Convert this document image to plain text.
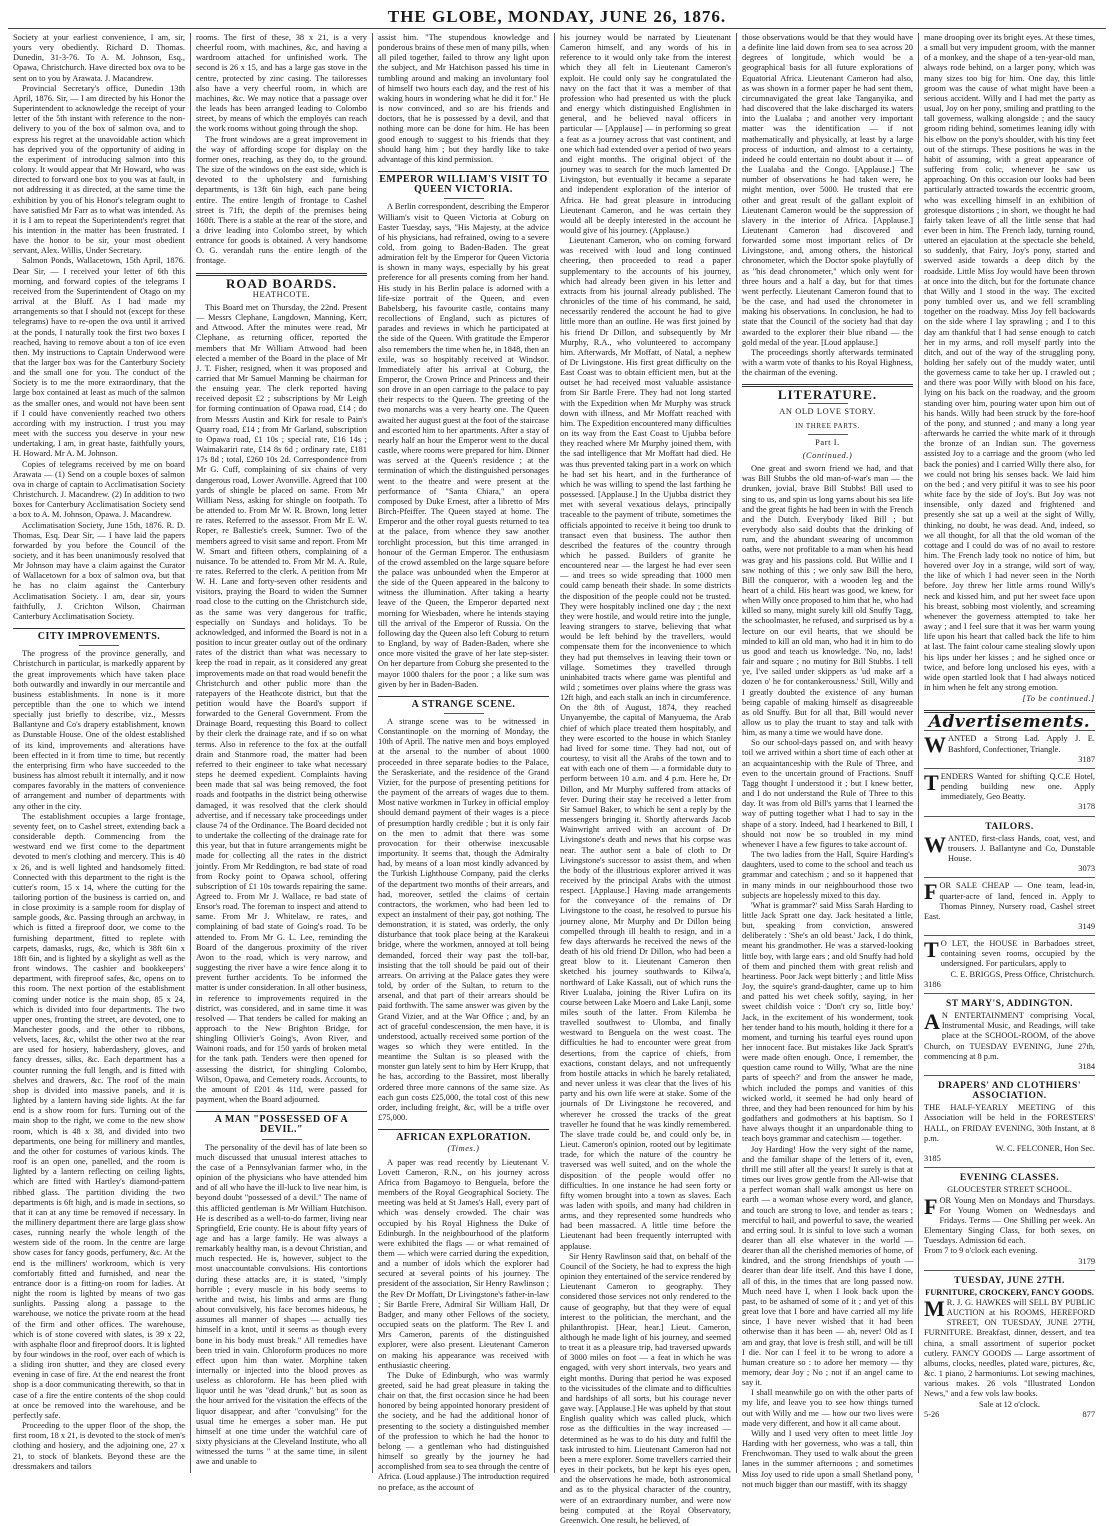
THE GLOBE, MONDAY, JUNE 26, 1876.

Society at your earliest convenience, I am, sir, yours very obediently. Richard D. Thomas. Dunedin, 31-3-76. To A. M. Johnson, Esq., Opawa, Christchurch. Have directed box ova to be sent on to you by Arawata. J. Macandrew.

Provincial Secretary's office, Dunedin 13th April, 1876. Sir, — I am directed by his Honor the Superintendent to acknowledge the receipt of your letter of the 5th instant with reference to the non-delivery to you of the box of salmon ova, and to express his regret at the unavoidable action which has deprived you of the opportunity of aiding in the experiment of introducing salmon into this colony. It would appear that Mr Howard, who was directed to forward one box to you was at fault, in not addressing it as directed, at the same time the exhibition by you of his Honor's telegram ought to have satisfied Mr Farr as to what was intended. As it is I am to repeat the Superintendent's regret that his intention in the matter has been frustrated. I have the honor to be sir, your most obedient servant, Alex. Willis, Under Secretary.

Salmon Ponds, Wallacetown, 15th April, 1876. Dear Sir, — I received your letter of 6th this morning, and forward copies of the telegrams I received from the Superintendent of Otago on my arrival at the Bluff. As I had made my arrangements so that I should not (except for these telegrams) have to re-open the ova until it arrived at the ponds, I naturally took the first two boxes I reached, having to remove about a ton of ice even then. My instructions to Captain Underwood were that the larger box was for the Canterbury Society and the small one for you. The conduct of the Society is to me the more extraordinary, that the large box contained at least as much of the salmon as the smaller ones, and would not have been sent if I could have conveniently reached two others according with my instruction. I trust you may meet with the success you deserve in your new undertaking, I am, in great haste, faithfully yours, H. Howard. Mr A. M. Johnson.

Copies of telegrams received by me on board Arawata — (1) Send on a couple boxes of salmon ova in charge of captain to Acclimatisation Society Christchurch. J. Macandrew. (2) In addition to two boxes for Canterbury Acclimatisation Society send a box to A. M. Johnson, Opawa. J. Macandrew.

Acclimatisation Society, June 15th, 1876. R. D. Thomas, Esq. Dear Sir, — I have laid the papers forwarded by you before the Council of the society, and it has been unanimously resolved that Mr Johnson may have a claim against the Curator of Wallacetown for a box of salmon ova, but that he has no claim against the Canterbury Acclimatisation Society. I am, dear sir, yours faithfully, J. Crichton Wilson, Chairman Canterbury Acclimatisation Society.

CITY IMPROVEMENTS.

The progress of the province generally, and Christchurch in particular, is markedly apparent by the great improvements which have taken place both outwardly and inwardly in our mercantile and business establishments. In none is it more perceptible than the one to which we intend specially just briefly to describe, viz., Messrs Ballantyne and Co's drapery establishment, known as Dunstable House. One of the oldest established of its kind, improvements and alterations have been effected in it from time to time, but recently the enterprising firm who have succeeded to the business has almost rebuilt it internally, and it now compares favorably in the matters of convenience of arrangement and number of departments with any other in the city.

The establishment occupies a large frontage, seventy feet, on to Cashel street, extending back a considerable depth. Commencing from the westward end we first come to the department devoted to men's clothing and mercery. This is 40 x 26, and is well lighted and handsomely fitted. Connected with this department to the right is the cutter's room, 15 x 14, where the cutting for the tailoring portion of the business is carried on, and in close proximity is a sample room for display of sample goods, &c. Passing through an archway, in which is fitted a fireproof door, we come to the furnishing department, fitted to replete with carpets, damasks, rugs, &c, which is 38ft 6in x 18ft 6in, and is lighted by a skylight as well as the front windows. The cashier and bookkeepers' department, with fireproof safes, &c, opens on to this room. The next portion of the establishment coming under notice is the main shop, 85 x 24, which is divided into four departments. The two upper ones, fronting the street, are devoted, one to Manchester goods, and the other to ribbons, velvets, laces, &c, whilst the other two at the rear are used for hosiery, haberdashery, gloves, and fancy dresses, silks, &c. Each department has a counter running the full length, and is fitted with shelves and drawers, &c. The roof of the main shop is divided into massive panels, and it is lighted by a lantern having side lights. At the far end is a show room for furs. Turning out of the main shop to the right, we come to the new show room, which is 48 x 38, and divided into two departments, one being for millinery and mantles, and the other for costumes of various kinds. The roof is an open one, panelled, and the room is lighted by a lantern reflecting on ceiling lights, which are fitted with Hartley's diamond-pattern ribbed glass. The partition dividing the two departments is 6ft high, and is made in sections, so that it can at any time be removed if necessary. In the millinery department there are large glass show cases, running nearly the whole length of the western side of the room. In the centre are large show cases for fancy goods, perfumery, &c. At the end is the milliners' workroom, which is very comfortably fitted and furnished, and near the entrance door is a fitting-on room for ladies. At night the room is lighted by means of two gas sunlights. Passing along a passage to the warehouse, we notice the private room at the head of the firm and other offices. The warehouse, which is of stone covered with slates, is 39 x 22, with asphalte floor and fireproof doors. It is lighted by four windows in the roof, over each of which is a sliding iron shutter, and they are closed every evening in case of fire. At the end nearest the front shop is a door communicating therewith, so that in case of a fire the entire contents of the shop could at once be removed into the warehouse, and be perfectly safe.

Proceeding to the upper floor of the shop, the first room, 18 x 21, is devoted to the stock of men's clothing and hosiery, and the adjoining one, 27 x 21, to stock of blankets. Beyond these are the dressmakers and tailors

rooms. The first of these, 38 x 21, is a very cheerful room, with machines, &c, and having a wardroom attached for unfinished work. The second is 26 x 15, and has a large gas stove in the centre, protected by zinc casing. The tailoresses also have a very cheerful room, in which are machines, &c. We may notice that a passage over the leads has been arranged leading to Colombo street, by means of which the employés can reach the work rooms without going through the shop.

The front windows are a great improvement in the way of affording scope for display on the former ones, reaching, as they do, to the ground. The size of the windows on the east side, which is devoted to the upholstery and furnishing departments, is 13ft 6in high, each pane being entire. The entire length of frontage to Cashel street is 71ft, the depth of the premises being 160ft. There is a stable at the rear of the store, and a drive leading into Colombo street, by which entrance for goods is obtained. A very handsome O. G. verandah runs the entire length of the frontage.

ROAD BOARDS.
HEATHCOTE.

This Board met on Thursday, the 22nd. Present — Messrs Clephane, Langdown, Manning, Kerr, and Attwood. After the minutes were read, Mr Clephane, as returning officer, reported the members that Mr William Attwood had been elected a member of the Board in the place of Mr J. T. Fisher, resigned, when it was proposed and carried that Mr Samuel Manning be chairman for the ensuing year. The clerk reported having received deposit £2 ; subscriptions by Mr Leigh for forming continuation of Opawa road, £14 ; do from Messrs Austin and Kirk for resale to Pain's Quarry road, £14 ; from Mr Garland, subscription to Opawa road, £1 10s ; special rate, £16 14s ; Waimakariri rate, £14 8s 6d ; ordinary rate, £181 17s 8d ; total, £260 10s 2d. Correspondence from Mr G. Cuff, complaining of six chains of very dangerous road, Lower Avonville. Agreed that 100 yards of shingle be placed on same. From Mr William Ness, asking for shingle on footpath. To be attended to. From Mr W. R. Brown, long letter re rates. Referred to the assessor. From Mr E. W. Roper, re Ballestie's creek, Sumner. Two of the members agreed to visit same and report. From Mr W. Smart and fifteen others, complaining of a nuisance. To be attended to. From Mr M. A. Rule, re rates. Referred to the clerk. A petition from Mr W. H. Lane and forty-seven other residents and visitors, praying the Board to widen the Sumner road close to the cutting on the Christchurch side, as the same was very dangerous for traffic, especially on Sundays and holidays. To be acknowledged, and informed the Board is not in a position to incur greater outlay out of the ordinary rates of the district than what was necessary to keep the road in repair, as it considered any great improvements made on that road would benefit the Christchurch and other public more than the ratepayers of the Heathcote district, but that the petition would have the Board's support if forwarded to the General Government. From the Drainage Board, requesting this Board to collect by their clerk the drainage rate, and if so on what terms. Also in reference to the fox at the outfall drain and Stanmore road, the matter had been referred to their engineer to take what necessary steps he deemed expedient. Complaints having been made that sal was being removed, the foot roads and footpaths in the district being otherwise damaged, it was resolved that the clerk should advertise, and if necessary take proceedings under clause 74 of the Ordinance. The Board decided not to undertake the collecting of the drainage rate for this year, but that in future arrangements might be made for collecting all the rates in the district jointly. From Mr Reddington, re bad state of road from Rocky point to Opawa school, offering subscription of £1 10s towards repairing the same. Agreed to. From Mr J. Wallace, re bad state of Ensor's road. The foreman to inspect and attend to same. From Mr J. Whitelaw, re rates, and complaining of bad state of Going's road. To be attended to. From Mr G. L. Lee, reminding the Board of the dangerous proximity of the river Avon to the road, which is very narrow, and suggesting the river have a wire fence along it to prevent further accidents. To be informed the matter is under consideration. In all other business, in reference to improvements required in the district, was considered, and in same time it was resolved — That tenders be called for making an approach to the New Brighton Bridge, for shingling Ollivier's Going's, Avon River, and Wainoni roads, and for 150 yards of broken metal for the tank path. Tenders were then opened for assessing the district, for shingling Colombo, Wilson, Opawa, and Cemetery roads. Accounts, to the amount of £201 4s 11d, were passed for payment, when the Board adjourned.

A MAN "POSSESSED OF A DEVIL."

The personality of the devil has of late been so much discussed that unusual interest attaches to the case of a Pennsylvanian farmer who, in the opinion of the physicians who have attended him and of all who have the ill-luck to live near him, is beyond doubt "possessed of a devil." The name of this afflicted gentleman is Mr William Hutchison. He is described as a well-to-do farmer, living near Springfield, Erie county. He is about fifty years of age and has a large family. He was always a remarkably healthy man, is a devout Christian, and much respected. He is, however, subject to the most unaccountable convulsions. His contortions during these attacks are, it is stated, "simply horrible ; every muscle in his body seems to writhe and twist, his limbs and arms are flung about convulsively, his face becomes hideous, he assumes all manner of shapes — actually ties himself in a knot, until it seems as though every bone in his body must break." All remedies have been tried in vain. Chloroform produces no more effect upon him than water. Morphine taken internally or injected into the blood proves as useless as chloroform. He has been plied with liquor until he was "dead drunk," but as soon as the hour arrived for the visitation the effects of the liquor disappear, and after "convulsing" for the usual time he emerges a sober man. He put himself at one time under the watchful care of sixty physicians at the Cleveland Institute, who all witnessed the turns " at the same time, in silent awe and unable to

assist him. "The stupendous knowledge and ponderous brains of these men of many pills, when all piled together, failed to throw any light upon the subject, and Mr Hatchison passed his time in tumbling around and making an involuntary fool of himself two hours each day, and the rest of his waking hours in wondering what he did it for." He is now convinced, and so are his friends and doctors, that he is possessed by a devil, and that nothing more can be done for him. He has been good enough to suggest to his friends that they should hang him ; but they hardly like to take advantage of this kind permission.

EMPEROR WILLIAM'S VISIT TO QUEEN VICTORIA.

A Berlin correspondent, describing the Emperor William's visit to Queen Victoria at Coburg on Easter Tuesday, says, "His Majesty, at the advice of his physicians, had refrained, owing to a severe cold, from going to Baden-Baden. The great admiration felt by the Emperor for Queen Victoria is shown in many ways, especially by his great preference for all presents coming from her hand. His study in his Berlin palace is adorned with a life-size portrait of the Queen, and even Babelsberg, his favourite castle, contains many recollections of England, such as pictures of parades and reviews in which he participated at the side of the Queen. With gratitude the Emperor also remembers the time when he, in 1848, then an exile, was so hospitably received at Windsor. Immediately after his arrival at Coburg, the Emperor, the Crown Prince and Princess and their son drove in an open carriage to the palace to pay their respects to the Queen. The greeting of the two monarchs was a very hearty one. The Queen awaited her august guest at the foot of the staircase and escorted him to her apartments. After a stay of nearly half an hour the Emperor went to the ducal castle, where rooms were prepared for him. Dinner was served at the Queen's residence ; at the termination of which the distinguished personages went to the theatre and were present at the performance of "Santa Chiara," an opera composed by Duke Ernest, after a libretto of Mrs Birch-Pfeiffer. The Queen stayed at home. The Emperor and the other royal guests returned to tea at the palace, from whence they saw another torchlight procession, but this time arranged in honour of the German Emperor. The enthusiasm of the crowd assembled on the large square before the palace was unbounded when the Emperor at the side of the Queen appeared in the balcony to witness the illumination. After taking a hearty leave of the Queen, the Emperor departed next morning for Wiesbaden, where he intends staying till the arrival of the Emperor of Russia. On the following day the Queen also left Coburg to return to England, by way of Baden-Baden, where she once more visited the grave of her late step-sister. On her departure from Coburg she presented to the mayor 1000 thalers for the poor ; a like sum was given by her in Baden-Baden.

A STRANGE SCENE.

A strange scene was to be witnessed in Constantinople on the morning of Monday, the 10th of April. The native men and boys employed at the arsenal to the number of about 1000 proceeded in three separate bodies to the Palace, the Seraskeriate, and the residence of the Grand Vizier, for the purpose of presenting petitions for the payment of the arrears of wages due to them. Most native workmen in Turkey in official employ should demand payment of their wages is a piece of presumption hardly credible ; but it is only fair on the men to admit that there was some provocation for their otherwise inexcusable importunity. It seems that, though the Admiralty had, by means of a loan most kindly advanced by the Turkish Lighthouse Company, paid the clerks of the department two months of their arrears, and had, moreover, settled the claims of certain contractors, the workmen, who had been led to expect an instalment of their pay, got nothing. The demonstration, it is stated, was orderly, the only disturbance that took place being at the Karakeui bridge, where the workmen, annoyed at toll being demanded, forced their way past the toll-bar, insisting that the toll should be paid out of their arrears. On arriving at the Palace gates they were told, by order of the Sultan, to return to the arsenal, and that part of their arrears should be paid forthwith. The same answer was given by the Grand Vizier, and at the War Office ; and, by an act of graceful condescension, the men have, it is understood, actually received some portion of the wages so which they were entitled. In the meantime the Sultan is so pleased with the monster gun lately sent to him by Herr Krupp, that he has, according to the Bassiret, most liberally ordered three more cannons of the same size. As each gun costs £25,000, the total cost of this new order, including freight, &c, will be a trifle over £75,000.

AFRICAN EXPLORATION.
(Times.)

A paper was read recently by Lieutenant V. Lovett Cameron, R.N., on his journey across Africa from Bagamoyo to Benguela, before the members of the Royal Geographical Society. The meeting was held at St James's Hall, every part of which was densely crowded. The chair was occupied by his Royal Highness the Duke of Edinburgh. In the neighbourhood of the platform were exhibited the flags — or what remained of them — which were carried during the expedition, and a number of idols which the explorer had secured at several points of his journey. The president of the association, Sir Henry Rawlinson ; the Rev Dr Moffatt, Dr Livingstone's father-in-law ; Sir Bartle Frere, Admiral Sir William Hall, Dr Badger, and many other Fellows of the society, occupied seats on the platform. The Rev I. and Mrs Cameron, parents of the distinguished explorer, were also present. Lieutenant Cameron on making his appearance was received with enthusiastic cheering.

The Duke of Edinburgh, who was warmly greeted, said he had great pleasure in taking the chair on that, the first occasion since he had been honored by being appointed honorary president of the society, and he had the additional honor of presenting to the society a distinguished member of the profession to which he had the honor to belong — a gentleman who had distinguished himself so greatly by the journey he had accomplished from sea to sea through the centre of Africa. (Loud applause.) The introduction required no preface, as the account of

his journey would be narrated by Lieutenant Cameron himself, and any words of his in reference to it would only take from the interest which they all felt in Lieutenant Cameron's exploit. He could only say he congratulated the navy on the fact that it was a member of that profession who had presented us with the pluck and energy which distinguished Englishmen in general, and he believed naval officers in particular — [Applause] — in performing so great a feat as a journey across that vast continent, and one which had extended over a period of two years and eight months. The original object of the journey was to search for the much lamented Dr Livingston, but eventually it became a separate and independent exploration of the interior of Africa. He had great pleasure in introducing Lieutenant Cameron, and he was certain they would all be deeply interested in the account he would give of his journey. (Applause.)

Lieutenant Cameron, who on coming forward was received with loud and long continued cheering, then proceeded to read a paper supplementary to the accounts of his journey, which had already been given in his letter and extracts from his journal already published. The chronicles of the time of his command, he said, necessarily rendered the account he had to give little more than an outline. He was first joined by his friend Dr Dillon, and subsequently by Mr Murphy, R.A., who volunteered to accompany him. Afterwards, Mr Moffatt, of Natal, a nephew of Dr Livingstone. His first great difficulty on the East Coast was to obtain efficient men, but at the outset he had received most valuable assistance from Sir Bartle Frere. They had not long started with the Expedition when Mr Murphy was struck down with illness, and Mr Moffatt reached with him. The Expedition encountered many difficulties on its way from the East Coast to Ujubba before they reached where Mr Murphy joined them, with the sad intelligence that Mr Moffatt had died. He was thus prevented taking part in a work on which he had set his heart, and in the furtherance of which he was willing to spend the last farthing he possessed. [Applause.] In the Ujubba district they met with several vexatious delays, principally traceable to the payment of tribute, sometimes the officials appointed to receive it being too drunk to transact even that business. The author then described the features of the country through which he passed. Builders of granite he encountered near — the largest he had ever seen — and trees so wide spreading that 1000 men could camp beneath their shade. In some districts the disposition of the people could not be trusted. They were hospitably inclined one day ; the next they were hostile, and would retire into the jungle, leaving strangers to starve, believing that what would be left behind by the travellers, would compensate them for the inconvenience to which they had put themselves in leaving their town or village. Sometimes they travelled through uninhabited tracts where game was plentiful and wild ; sometimes over plains where the grass was 12ft high, and each stalk an inch in circumference. On the 8th of August, 1874, they reached Unyanyembe, the capital of Manyuema, the Arab chief of which place treated them hospitably, and they were escorted to the house in which Stanley had lived for some time. They had not, out of courtesy, to visit all the Arabs of the town and to eat with each one of them — a formidable duty to perform between 10 a.m. and 4 p.m. Here he, Dr Dillon, and Mr Murphy suffered from attacks of fever. During their stay he received a letter from Sir Samuel Baker, to which he sent a reply by the messengers bringing it. Shortly afterwards Jacob Wainwright arrived with an account of Dr Livingstone's death and news that his corpse was near. The author sent a bale of cloth to Dr Livingstone's successor to assist them, and when the body of the illustrious explorer arrived it was received by the principal Arabs with the utmost respect. [Applause.] Having made arrangements for the conveyance of the remains of Dr Livingstone to the coast, he resolved to pursue his journey alone, Mr Murphy and Dr Dillon being compelled through ill health to resign, and in a few days afterwards he received the news of the death of his old friend Dr Dillon, who had been a great blow to it. Lieutenant Cameron then sketched his journey southwards to Kilwa'a, northward of Lake Kassali, out of which runs the River Lualaba, joining the River Lufira on its course between Lake Moero and Lake Lanji, some miles south of the latter. From Kilemba he travelled southwest to Ulomba, and finally westward to Benguela on the west coast. The difficulties he had to encounter were great from desertions, from the caprice of chiefs, from exactions, constant delays, and not unfrequently from hostile attacks in which he barely retaliated, and never unless it was clear that the lives of his party and his own life were at stake. Some of the journals of Dr Livingstone he recovered, and wherever he crossed the tracks of the great traveller he found that he was kindly remembered. The slave trade could be, and could only be, in Lieut. Cameron's opinion, rooted out by legitimate trade, for which the nature of the country he traversed was well suited, and on the whole the disposition of the people would offer no difficulties. In one instance he had seen forty or fifty women brought into a town as slaves. Each was laden with spoils, and many had children in arms, and they represented some hundreds who had been massacred. A little time before the Lieutenant had been frequently interrupted with applause.

Sir Henry Rawlinson said that, on behalf of the Council of the Society, he had to express the high opinion they entertained of the service rendered by Lieutenant Cameron to geography. They considered those services not only rendered to the cause of geography, but that they were of equal interest to the politician, the merchant, and the philanthropist. [Hear, hear.] Lieut. Cameron, although he made light of his journey, and seemed to treat it as a pleasure trip, had traversed upwards of 3000 miles on foot — a feat in which he was engaged, with very short intervals, two years and eight months. During that period he was exposed to the vicissitudes of the climate and to difficulties and hardships of all sorts, but his courage never gave way. [Applause.] He was upheld by that stout English quality which was called pluck, which rose as the difficulties in the way increased — determined as he was to do his duty and fulfil the task intrusted to him. Lieutenant Cameron had not been a mere explorer. Some travellers carried their eyes in their pockets, but he kept his eyes open, and the observations he made, both astronomical and as to the physical character of the country, were of an extraordinary number, and were now being computed at the Royal Observatory, Greenwich. One result, he believed, of

those observations would be that they would have a definite line laid down from sea to sea across 20 degrees of longitude, which would be a geographical basis for all future explorations of Equatorial Africa. Lieutenant Cameron had also, as was shown in a former paper he had sent them, circumnavigated the great lake Tanganyika, and had discovered that the lake discharged its waters into the Lualaba ; and another very important matter was the identification — if not mathematically and physically, at least by a large process of induction, and almost to a certainty, indeed he could entertain no doubt about it — of the Lualaba and the Congo. [Applause.] The number of observations he had taken were, he might mention, over 5000. He trusted that ere other and great result of the gallant exploit of Lieutenant Cameron would be the suppression of slavery in the interior of Africa. [Applause.] Lieutenant Cameron had discovered and forwarded some most important relics of Dr Livingstone, and, among others, the historical chronometer, which the Doctor spoke playfully of as "his dead chronometer," which only went for three hours and a half a day, but for that times went perfectly. Lieutenant Cameron found that to be the case, and had used the chronometer in making his observations. In conclusion, he had to state that the Council of the society had that day awarded to the explorer their blue riband — the gold medal of the year. [Loud applause.]

The proceedings shortly afterwards terminated with a warm vote of thanks to his Royal Highness, the chairman of the evening.

LITERATURE.
AN OLD LOVE STORY.
IN THREE PARTS.
Part I.
(Continued.)

One great and sworn friend we had, and that was Bill Stubbs the old man-of-war's man — the drunken, jovial, brave Bill Stubbs! Bill used to sing to us, and spin us long yarns about his sea life and the great fights he had been in with the French and the Dutch. Everybody liked Bill ; but everybody also said doubts that the drinking of rum, and the abundant swearing of uncommon oaths, were not profitable to a man when his head was gray and his passions cold. But Willie and I saw nothing of this ; we only saw Bill the hero, Bill the conqueror, with a wooden leg and the heart of a child. His heart was good, we knew, for when Willy once proposed to him that he, who had killed so many, might surely kill old Snuffy Tagg, the schoolmaster, he refused, and surprised us by a lecture on our evil hearts, that we should be minded to kill an old man, who had it in him to do us good and teach us knowledge. 'No, no, lads! fair and square ; no mutiny for Bill Stubbs. I tell ye, I've sailed under skippers as 'ud make arf a dozen o' he for contankerousness.' Still, Willy and I greatly doubted the existence of any human being capable of making himself as disagreeable as old Snuffy. But for all that, Bill would never allow us to play the truant to stay and talk with him, as many a time we would have done.

So our school-days passed on, and with heavy toil we arrived within a short time of each other at an acquaintanceship with the Rule of Three, and even to the uncertain ground of Fractions. Snuff Tagg thought I understood it ; but I knew better, and I do not understand the Rule of Three to this day. It was from old Bill's yarns that I learned the way of putting together what I had to say in the shape of a story. Indeed, had I hearkened to Bill, I should not now be so troubled in my mind whenever I have a few figures to take account of.

The two ladies from the Hall, Squire Harding's daughters, used to come to the school and teach us grammar and catechism ; and so it happened that in many minds in our neighbourhood those two subjects are hopelessly mixed to this day.

'What is grammar?' said Miss Sarah Harding to little Jack Spratt one day. Jack hesitated a little, but, speaking from conviction, answered deliberately : 'She's an old beast.' Jack, I do think, meant his grandmother. He was a starved-looking little boy, with large ears ; and old Snuffy had hold of them and pinched them with great relish and heartiness. Poor Jack wept bitterly ; and little Miss Joy, the squire's grand-daughter, came up to him and patted his wet cheek softly, saying, in her sweet childish voice : 'Don't cry so, little boy.' Jack, in the excitement of his wonderment, took her tender hand to his mouth, holding it there for a moment, and turning his tearful eyes round upon her innocent face. But mistakes like Jack Spratt's were made often enough. Once, I remember, the question came round to Willy, 'What are the nine parts of speech?' and from the answer he made, which included the pomps and vanities of this wicked world, it seemed he had only heard of three, and they had been renounced for him by his godfathers and godmothers at his baptism. So I have always thought it an unpardonable thing to teach boys grammar and catechism — together.

Joy Harding! How the very sight of the name, and the familiar shape of the letters of it, even, thrill me still after all the years! It surely is that at times our lives grow gentle from the All-wise that a perfect woman shall walk amongst us here on earth — a woman whose every word, and glance, and touch are strong to love, and tender as tears ; merciful to hail, and powerful to save, the wearied and erring soul. It is sinful to love such a woman dearer than all else whatever in the world — dearer than all the cherished memories of home, of kindred, and the strong friendships of youth — dearer than dear life itself. And this have I done, all of this, in the times that are long passed now. Much need have I, when I look back upon the past, to be ashamed of some of it ; and yet of this great love that I bore and have carried all my life since, I have never wished that it had been otherwise than it has been — ah, never! Old as I am and gray, that love is fresh still, and will be till I die. Nor can I feel it to be wrong to adore a human creature so : to adore her memory — thy memory, dear Joy ; No ; not if an angel came to say it.

I shall meanwhile go on with the other parts of my life, and leave you to see how things turned out with Willy and me — how our two lives were made very different, and how it all came about.

Willy and I used very often to meet little Joy Harding with her governess, who was a tall, thin Frenchwoman. They used to walk about the green lanes in the summer afternoons ; and sometimes Miss Joy used to ride upon a small Shetland pony, not much bigger than our mastiff, with its shaggy

mane drooping over its bright eyes. At these times, a small but very impudent groom, with the manner of a monkey, and the shape of a ten-year-old man, always rode behind, on a larger pony, which was many sizes too big for him. One day, this little groom was the cause of what might have been a serious accident. Willy and I had met the party as usual, Joy on her pony, smiling and prattling to the tall governess, walking alongside ; and the saucy groom riding behind, sometimes leaning idly with his elbow on the pony's shoulder, with his tiny feet out of the stirrups. These positions he was in the habit of assuming, with a great appearance of suffering from colic, whenever he saw us approaching. On this occasion our looks had been particularly attracted towards the eccentric groom, who was excelling himself in an exhibition of grotesque distortions ; in short, we thought he had fairly taken leave of all the little sense that had ever been in him. The French lady, turning round, uttered an ejaculation at the spectacle she beheld, so suddenly, that Fairy, Joy's pony, started and swerved aside towards a deep ditch by the roadside. Little Miss Joy would have been thrown at once into the ditch, but for the fortunate chance that Willy and I stood in the way. The excited pony tumbled over us, and we fell scrambling together on the roadway. Miss Joy fell backwards on the side where I lay sprawling ; and I to this day am thankful that I had sense enough to catch her in my arms, and roll myself partly into the ditch, and out of the way of the struggling pony, holding her safely out of the muddy water, until the governess came to take her up. I crawled out ; and there was poor Willy with blood on his face, lying on his back on the roadway, and the groom standing over him, pouring water upon him out of his hands. Willy had been struck by the fore-hoof of the pony, and stunned ; and many a long year afterwards he carried the white mark of it through the bronze of an Indian sun. The governess assisted Joy to a carriage and the groom (who led back the ponies) and I carried Willy there also, for we could not bring his senses back. We laid him on the bed ; and very pitiful it was to see his poor white face by the side of Joy's. But Joy was not insensible, only dazed and frightened and presently she sat up a weil at the sight of Willy, thinking, no doubt, he was dead. And, indeed, so we all thought, for all that the old woman of the cottage and I could do was of no avail to restore him. The French lady took no notice of him, but hovered over Joy in a strange, wild sort of way, the like of which I had never seen in the North before. Joy threw her little arms round Willy's neck and kissed him, and put her sweet face upon his breast, sobbing most violently, and screaming whenever the governess attempted to take her away ; and I feel sure that it was her warm young life upon his heart that called back the life to him at last. The faint colour came stealing slowly upon his lips under her kisses ; and he sighed once or twice, and before long unclosed his eyes, with a wide open startled look that I had always noticed in him when he felt any strong emotion.

[To be continued.]
Advertisements.
W ANTED a Strong Lad. Apply J. E. Bashford, Confectioner, Triangle.

3187
T ENDERS Wanted for shifting Q.C.E Hotel, pending building new one. Apply immediately, Geo Beatty.

3178
TAILORS.
W ANTED, first-class Hands, coat, vest, and trousers. J. Ballantyne and Co, Dunstable House.

3073
F OR SALE CHEAP — One team, lead-in, quarter-acre of land, fenced in. Apply to Thomas Pinney, Nursery road, Cashel street East.

3149
T O LET, the HOUSE in Barbadoes street, containing seven rooms, occupied by the undersigned. For particulars, apply to

C. E. BRIGGS, Press Office, Christchurch.

3186
ST MARY'S, ADDINGTON.
A N ENTERTAINMENT comprising Vocal, Instrumental Music, and Readings, will take place at the SCHOOL-ROOM, of the above Church, on TUESDAY EVENING, June 27th, commencing at 8 p.m.

3184
DRAPERS' AND CLOTHIERS' ASSOCIATION.

THE HALF-YEARLY MEETING of this Association will be held in the FORESTERS' HALL, on FRIDAY EVENING, 30th Instant, at 8 p.m.

W. C. FELCONER, Hon Sec.

3185
EVENING CLASSES.
GLOUCESTER STREET SCHOOL.
F OR Young Men on Mondays and Thursdays. For Young Women on Wednesdays and Fridays. Terms — One Shilling per week. An Elementary Singing Class, for both sexes, on Tuesdays. Admission 6d each.

From 7 to 9 o'clock each evening.

3179
TUESDAY, JUNE 27TH.
FURNITURE, CROCKERY, FANCY GOODS.
M R. J. G. HAWKES will SELL BY PUBLIC AUCTION at his ROOMS, HEREFORD STREET, ON TUESDAY, JUNE 27TH, FURNITURE. Breakfast, dinner, dessert, and tea china, a small assortment of superior pocket cutlery. FANCY GOODS — Large assortment of albums, clocks, needles, plated ware, pictures, &c, &c. 1 piano, 2 harmoniums. Lot sewing machines, various makes. 26 vols "Illustrated London News," and a few vols law books.

Sale at 12 o'clock.

5-26	877
